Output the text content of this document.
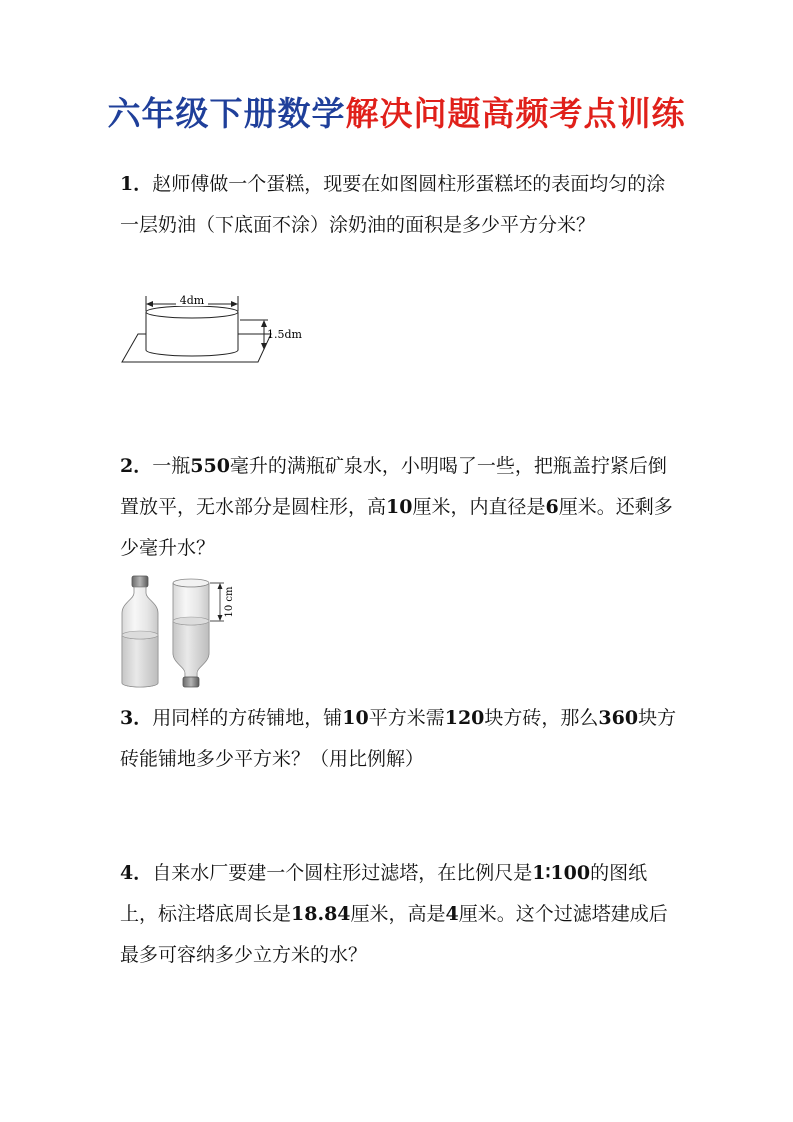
六年级下册数学解决问题高频考点训练
1．赵师傅做一个蛋糕，现要在如图圆柱形蛋糕坯的表面均匀的涂一层奶油（下底面不涂）涂奶油的面积是多少平方分米？
4dm
1.5dm
2．一瓶550毫升的满瓶矿泉水，小明喝了一些，把瓶盖拧紧后倒置放平，无水部分是圆柱形，高10厘米，内直径是6厘米。还剩多少毫升水？
10 cm
3．用同样的方砖铺地，铺10平方米需120块方砖，那么360块方砖能铺地多少平方米？（用比例解）
4．自来水厂要建一个圆柱形过滤塔，在比例尺是1∶100的图纸上，标注塔底周长是18.84厘米，高是4厘米。这个过滤塔建成后最多可容纳多少立方米的水？
